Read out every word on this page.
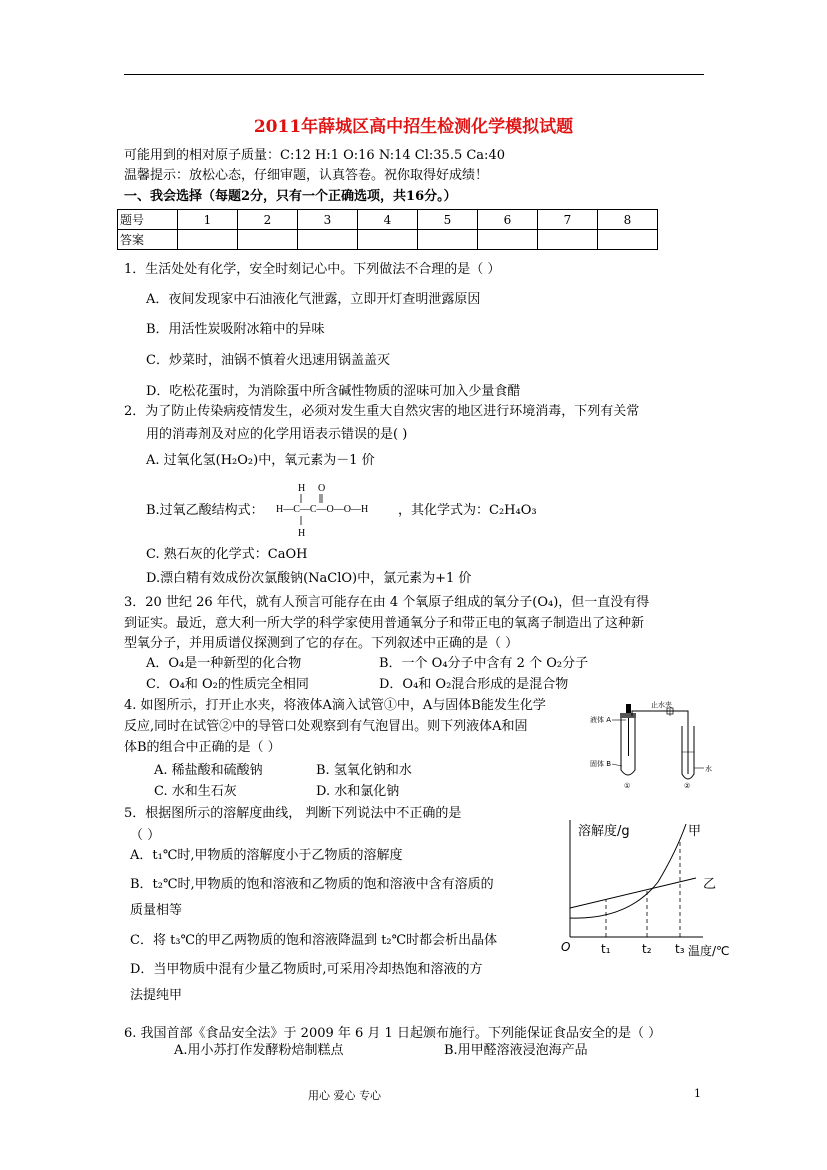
2011年薛城区高中招生检测化学模拟试题
可能用到的相对原子质量：C:12 H:1 O:16 N:14 Cl:35.5 Ca:40
温馨提示：放松心态，仔细审题，认真答卷。祝你取得好成绩！
一、我会选择（每题2分，只有一个正确选项，共16分。）
题号	1	2	3	4	5	6	7	8
答案								
1．生活处处有化学，安全时刻记心中。下列做法不合理的是（ ）
A．夜间发现家中石油液化气泄露，立即开灯查明泄露原因
B．用活性炭吸附冰箱中的异味
C．炒菜时，油锅不慎着火迅速用锅盖盖灭
D．吃松花蛋时，为消除蛋中所含碱性物质的涩味可加入少量食醋
2．为了防止传染病疫情发生，必须对发生重大自然灾害的地区进行环境消毒，下列有关常
用的消毒剂及对应的化学用语表示错误的是( )
A. 过氧化氢(H₂O₂)中，氧元素为－1 价
B.过氧乙酸结构式：
H O
H—C—C—O—O—H
H
，其化学式为：C₂H₄O₃
C. 熟石灰的化学式：CaOH
D.漂白精有效成份次氯酸钠(NaClO)中，氯元素为+1 价
3．20 世纪 26 年代，就有人预言可能存在由 4 个氧原子组成的氧分子(O₄)，但一直没有得
到证实。最近，意大利一所大学的科学家使用普通氧分子和带正电的氧离子制造出了这种新
型氧分子，并用质谱仪探测到了它的存在。下列叙述中正确的是（ ）
A．O₄是一种新型的化合物	B．一个 O₄分子中含有 2 个 O₂分子
C．O₄和 O₂的性质完全相同	D．O₄和 O₂混合形成的是混合物
4. 如图所示，打开止水夹，将液体A滴入试管①中，A与固体B能发生化学
反应,同时在试管②中的导管口处观察到有气泡冒出。则下列液体A和固
体B的组合中正确的是（ ）
A. 稀盐酸和硫酸钠	B. 氢氧化钠和水
C. 水和生石灰	D. 水和氯化钠
液体 A
止水夹
固体 B
水
①	②
5．根据图所示的溶解度曲线， 判断下列说法中不正确的是
（ ）
A．t₁℃时,甲物质的溶解度小于乙物质的溶解度
B．t₂℃时,甲物质的饱和溶液和乙物质的饱和溶液中含有溶质的
质量相等
C．将 t₃℃的甲乙两物质的饱和溶液降温到 t₂℃时都会析出晶体
D．当甲物质中混有少量乙物质时,可采用冷却热饱和溶液的方
法提纯甲
溶解度/g	甲
乙
O	t₁	t₂ t₃ 温度/℃
6. 我国首部《食品安全法》于 2009 年 6 月 1 日起颁布施行。下列能保证食品安全的是（ ）
A.用小苏打作发酵粉焙制糕点	B.用甲醛溶液浸泡海产品
用心 爱心 专心	1
